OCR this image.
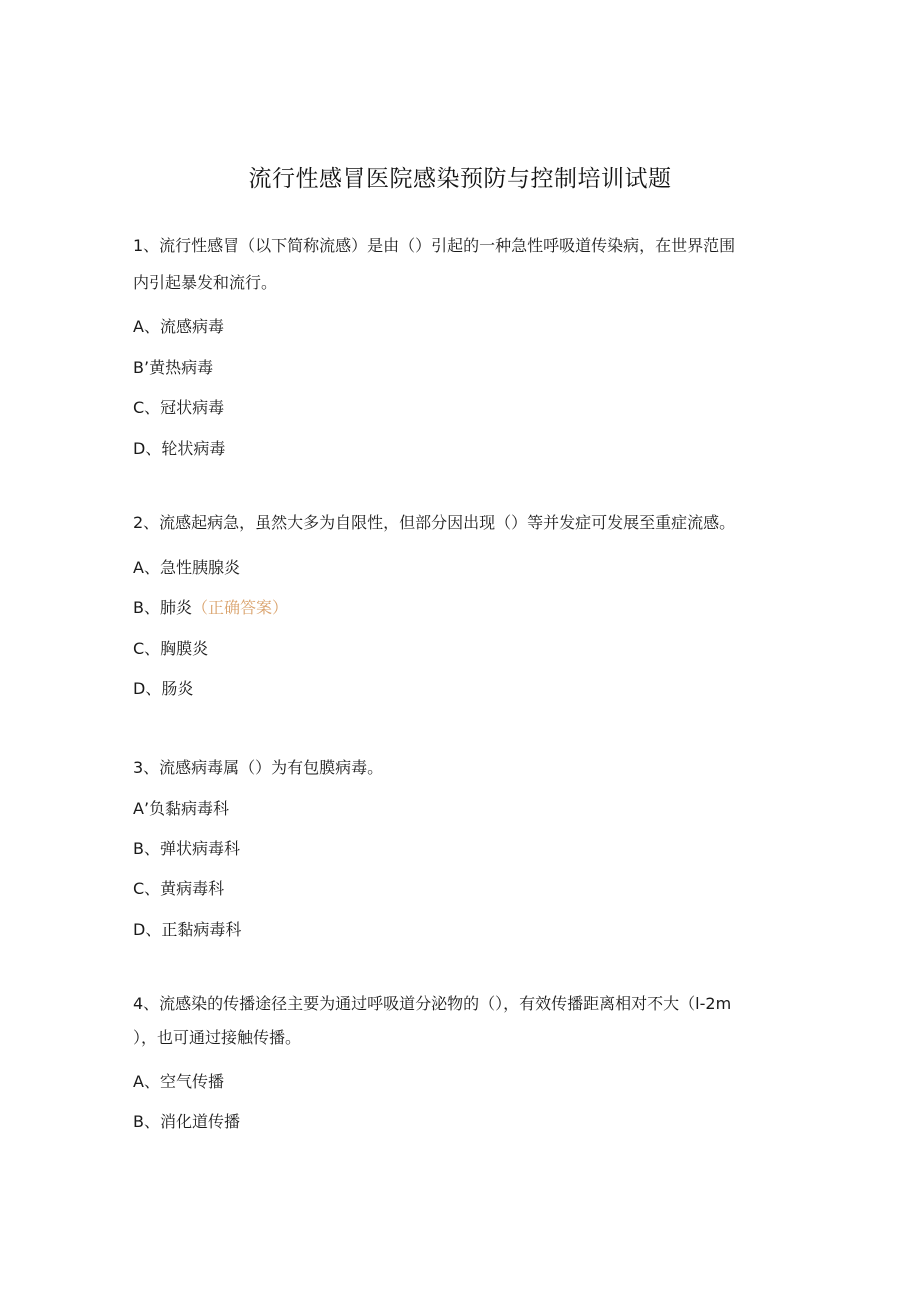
流行性感冒医院感染预防与控制培训试题
1、流行性感冒（以下简称流感）是由（）引起的一种急性呼吸道传染病，在世界范围
内引起暴发和流行。
A、流感病毒
B’黄热病毒
C、冠状病毒
D、轮状病毒
2、流感起病急，虽然大多为自限性，但部分因出现（）等并发症可发展至重症流感。
A、急性胰腺炎
B、肺炎（正确答案）
C、胸膜炎
D、肠炎
3、流感病毒属（）为有包膜病毒。
A’负黏病毒科
B、弹状病毒科
C、黄病毒科
D、正黏病毒科
4、流感染的传播途径主要为通过呼吸道分泌物的（），有效传播距离相对不大（l-2m
），也可通过接触传播。
A、空气传播
B、消化道传播
